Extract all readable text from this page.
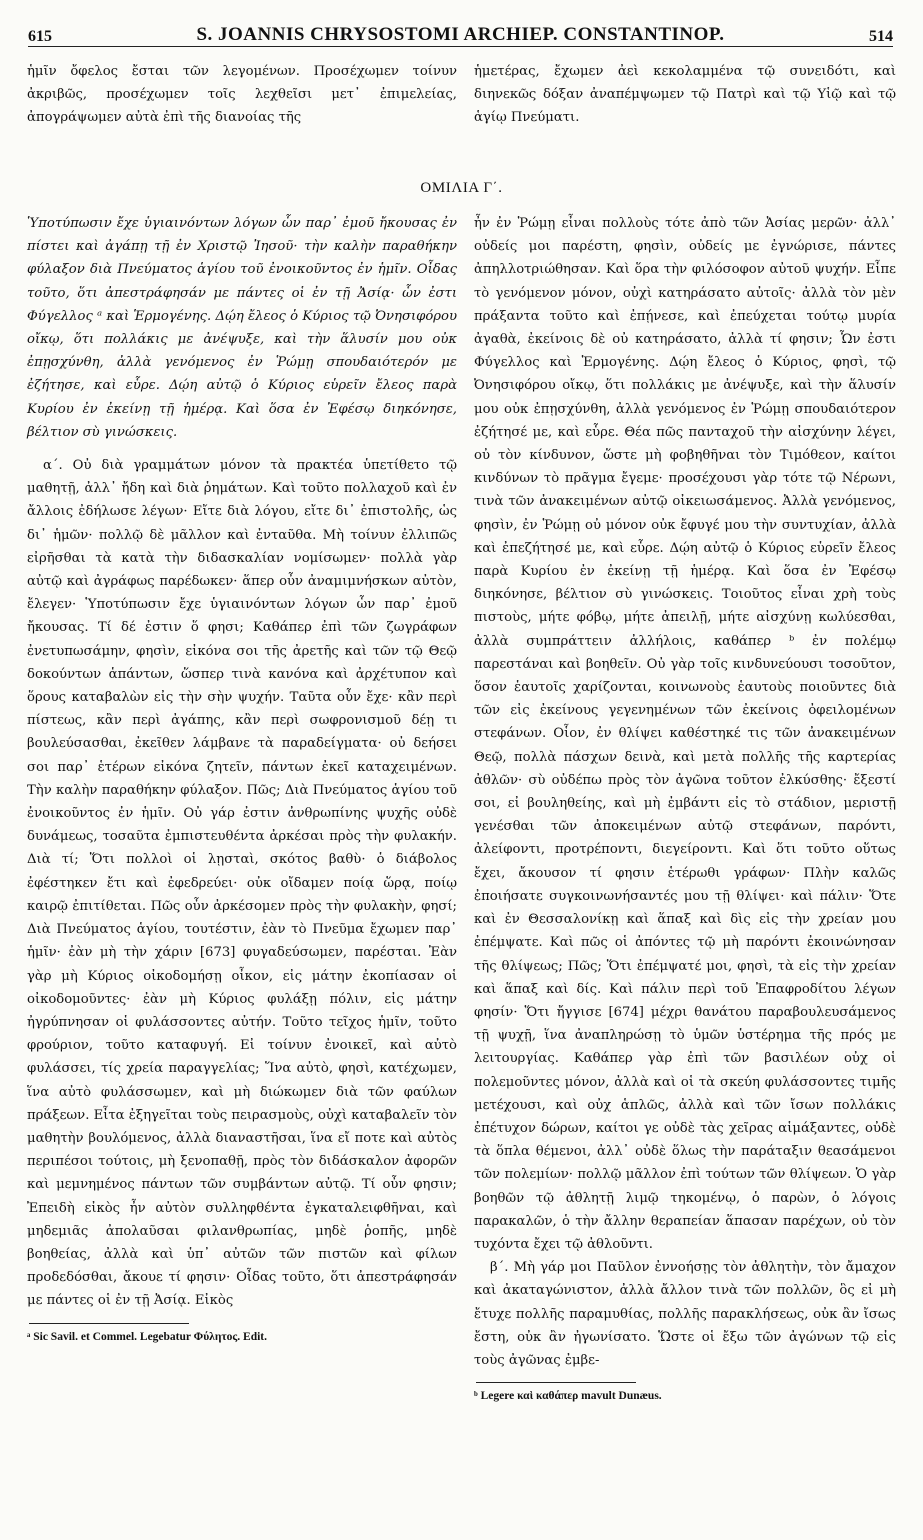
615	S. JOANNIS CHRYSOSTOMI ARCHIEP. CONSTANTINOP.	514

ἡμῖν ὄφελος ἔσται τῶν λεγομένων. Προσέχωμεν τοίνυν ἀκριβῶς, προσέχωμεν τοῖς λεχθεῖσι μετ᾽ ἐπιμελείας, ἀπογράψωμεν αὐτὰ ἐπὶ τῆς διανοίας τῆς

ἡμετέρας, ἔχωμεν ἀεὶ κεκολαμμένα τῷ συνειδότι, καὶ διηνεκῶς δόξαν ἀναπέμψωμεν τῷ Πατρὶ καὶ τῷ Υἱῷ καὶ τῷ ἁγίῳ Πνεύματι.

ΟΜΙΛΙΑ Γ΄.

Ὑποτύπωσιν ἔχε ὑγιαινόντων λόγων ὧν παρ᾽ ἐμοῦ ἤκουσας ἐν πίστει καὶ ἀγάπῃ τῇ ἐν Χριστῷ Ἰησοῦ· τὴν καλὴν παραθήκην φύλαξον διὰ Πνεύματος ἁγίου τοῦ ἐνοικοῦντος ἐν ἡμῖν. Οἶδας τοῦτο, ὅτι ἀπεστράφησάν με πάντες οἱ ἐν τῇ Ἀσίᾳ· ὧν ἐστι Φύγελλος ᵃ καὶ Ἑρμογένης. Δῴη ἔλεος ὁ Κύριος τῷ Ὀνησιφόρου οἴκῳ, ὅτι πολλάκις με ἀνέψυξε, καὶ τὴν ἅλυσίν μου οὐκ ἐπῃσχύνθη, ἀλλὰ γενόμενος ἐν Ῥώμῃ σπουδαιότερόν με ἐζήτησε, καὶ εὗρε. Δῴη αὐτῷ ὁ Κύριος εὑρεῖν ἔλεος παρὰ Κυρίου ἐν ἐκείνῃ τῇ ἡμέρᾳ. Καὶ ὅσα ἐν Ἐφέσῳ διηκόνησε, βέλτιον σὺ γινώσκεις.

α΄. Οὐ διὰ γραμμάτων μόνον τὰ πρακτέα ὑπετίθετο τῷ μαθητῇ, ἀλλ᾽ ἤδη καὶ διὰ ῥημάτων. Καὶ τοῦτο πολλαχοῦ καὶ ἐν ἄλλοις ἐδήλωσε λέγων· Εἴτε διὰ λόγου, εἴτε δι᾽ ἐπιστολῆς, ὡς δι᾽ ἡμῶν· πολλῷ δὲ μᾶλλον καὶ ἐνταῦθα. Μὴ τοίνυν ἐλλιπῶς εἰρῆσθαι τὰ κατὰ τὴν διδασκαλίαν νομίσωμεν· πολλὰ γὰρ αὐτῷ καὶ ἀγράφως παρέδωκεν· ἅπερ οὖν ἀναμιμνήσκων αὐτὸν, ἔλεγεν· Ὑποτύπωσιν ἔχε ὑγιαινόντων λόγων ὧν παρ᾽ ἐμοῦ ἤκουσας. Τί δέ ἐστιν ὅ φησι; Καθάπερ ἐπὶ τῶν ζωγράφων ἐνετυπωσάμην, φησὶν, εἰκόνα σοι τῆς ἀρετῆς καὶ τῶν τῷ Θεῷ δοκούντων ἁπάντων, ὥσπερ τινὰ κανόνα καὶ ἀρχέτυπον καὶ ὅρους καταβαλὼν εἰς τὴν σὴν ψυχήν. Ταῦτα οὖν ἔχε· κἂν περὶ πίστεως, κἂν περὶ ἀγάπης, κἂν περὶ σωφρονισμοῦ δέῃ τι βουλεύσασθαι, ἐκεῖθεν λάμβανε τὰ παραδείγματα· οὐ δεήσει σοι παρ᾽ ἑτέρων εἰκόνα ζητεῖν, πάντων ἐκεῖ καταχειμένων. Τὴν καλὴν παραθήκην φύλαξον. Πῶς; Διὰ Πνεύματος ἁγίου τοῦ ἐνοικοῦντος ἐν ἡμῖν. Οὐ γάρ ἐστιν ἀνθρωπίνης ψυχῆς οὐδὲ δυνάμεως, τοσαῦτα ἐμπιστευθέντα ἀρκέσαι πρὸς τὴν φυλακήν. Διὰ τί; Ὅτι πολλοὶ οἱ λῃσταὶ, σκότος βαθὺ· ὁ διάβολος ἐφέστηκεν ἔτι καὶ ἐφεδρεύει· οὐκ οἴδαμεν ποίᾳ ὥρᾳ, ποίῳ καιρῷ ἐπιτίθεται. Πῶς οὖν ἀρκέσομεν πρὸς τὴν φυλακὴν, φησί; Διὰ Πνεύματος ἁγίου, τουτέστιν, ἐὰν τὸ Πνεῦμα ἔχωμεν παρ᾽ ἡμῖν· ἐὰν μὴ τὴν χάριν [673] φυγαδεύσωμεν, παρέσται. Ἐὰν γὰρ μὴ Κύριος οἰκοδομήσῃ οἶκον, εἰς μάτην ἐκοπίασαν οἱ οἰκοδομοῦντες· ἐὰν μὴ Κύριος φυλάξῃ πόλιν, εἰς μάτην ἠγρύπνησαν οἱ φυλάσσοντες αὐτήν. Τοῦτο τεῖχος ἡμῖν, τοῦτο φρούριον, τοῦτο καταφυγή. Εἰ τοίνυν ἐνοικεῖ, καὶ αὐτὸ φυλάσσει, τίς χρεία παραγγελίας; Ἵνα αὐτὸ, φησὶ, κατέχωμεν, ἵνα αὐτὸ φυλάσσωμεν, καὶ μὴ διώκωμεν διὰ τῶν φαύλων πράξεων. Εἶτα ἐξηγεῖται τοὺς πειρασμοὺς, οὐχὶ καταβαλεῖν τὸν μαθητὴν βουλόμενος, ἀλλὰ διαναστῆσαι, ἵνα εἴ ποτε καὶ αὐτὸς περιπέσοι τούτοις, μὴ ξενοπαθῇ, πρὸς τὸν διδάσκαλον ἀφορῶν καὶ μεμνημένος πάντων τῶν συμβάντων αὐτῷ. Τί οὖν φησιν; Ἐπειδὴ εἰκὸς ἦν αὐτὸν συλληφθέντα ἐγκαταλειφθῆναι, καὶ μηδεμιᾶς ἀπολαῦσαι φιλανθρωπίας, μηδὲ ῥοπῆς, μηδὲ βοηθείας, ἀλλὰ καὶ ὑπ᾽ αὐτῶν τῶν πιστῶν καὶ φίλων προδεδόσθαι, ἄκουε τί φησιν· Οἶδας τοῦτο, ὅτι ἀπεστράφησάν με πάντες οἱ ἐν τῇ Ἀσίᾳ. Εἰκὸς

ᵃ Sic Savil. et Commel. Legebatur Φύλητος. Edit.

ἦν ἐν Ῥώμῃ εἶναι πολλοὺς τότε ἀπὸ τῶν Ἀσίας μερῶν· ἀλλ᾽ οὐδείς μοι παρέστη, φησὶν, οὐδείς με ἐγνώρισε, πάντες ἀπηλλοτριώθησαν. Καὶ ὅρα τὴν φιλόσοφον αὐτοῦ ψυχήν. Εἶπε τὸ γενόμενον μόνον, οὐχὶ κατηράσατο αὐτοῖς· ἀλλὰ τὸν μὲν πράξαντα τοῦτο καὶ ἐπῄνεσε, καὶ ἐπεύχεται τούτῳ μυρία ἀγαθὰ, ἐκείνοις δὲ οὐ κατηράσατο, ἀλλὰ τί φησιν; Ὧν ἐστι Φύγελλος καὶ Ἑρμογένης. Δῴη ἔλεος ὁ Κύριος, φησὶ, τῷ Ὀνησιφόρου οἴκῳ, ὅτι πολλάκις με ἀνέψυξε, καὶ τὴν ἅλυσίν μου οὐκ ἐπῃσχύνθη, ἀλλὰ γενόμενος ἐν Ῥώμῃ σπουδαιότερον ἐζήτησέ με, καὶ εὗρε. Θέα πῶς πανταχοῦ τὴν αἰσχύνην λέγει, οὐ τὸν κίνδυνον, ὥστε μὴ φοβηθῆναι τὸν Τιμόθεον, καίτοι κινδύνων τὸ πρᾶγμα ἔγεμε· προσέχουσι γὰρ τότε τῷ Νέρωνι, τινὰ τῶν ἀνακειμένων αὐτῷ οἰκειωσάμενος. Ἀλλὰ γενόμενος, φησὶν, ἐν Ῥώμῃ οὐ μόνον οὐκ ἔφυγέ μου τὴν συντυχίαν, ἀλλὰ καὶ ἐπεζήτησέ με, καὶ εὗρε. Δῴη αὐτῷ ὁ Κύριος εὑρεῖν ἔλεος παρὰ Κυρίου ἐν ἐκείνῃ τῇ ἡμέρᾳ. Καὶ ὅσα ἐν Ἐφέσῳ διηκόνησε, βέλτιον σὺ γινώσκεις. Τοιοῦτος εἶναι χρὴ τοὺς πιστοὺς, μήτε φόβῳ, μήτε ἀπειλῇ, μήτε αἰσχύνῃ κωλύεσθαι, ἀλλὰ συμπράττειν ἀλλήλοις, καθάπερ ᵇ ἐν πολέμῳ παρεστάναι καὶ βοηθεῖν. Οὐ γὰρ τοῖς κινδυνεύουσι τοσοῦτον, ὅσον ἑαυτοῖς χαρίζονται, κοινωνοὺς ἑαυτοὺς ποιοῦντες διὰ τῶν εἰς ἐκείνους γεγενημένων τῶν ἐκείνοις ὀφειλομένων στεφάνων. Οἷον, ἐν θλίψει καθέστηκέ τις τῶν ἀνακειμένων Θεῷ, πολλὰ πάσχων δεινὰ, καὶ μετὰ πολλῆς τῆς καρτερίας ἀθλῶν· σὺ οὐδέπω πρὸς τὸν ἀγῶνα τοῦτον ἐλκύσθης· ἔξεστί σοι, εἰ βουληθείης, καὶ μὴ ἐμβάντι εἰς τὸ στάδιον, μεριστῇ γενέσθαι τῶν ἀποκειμένων αὐτῷ στεφάνων, παρόντι, ἀλείφοντι, προτρέποντι, διεγείροντι. Καὶ ὅτι τοῦτο οὕτως ἔχει, ἄκουσον τί φησιν ἑτέρωθι γράφων· Πλὴν καλῶς ἐποιήσατε συγκοινωνήσαντές μου τῇ θλίψει· καὶ πάλιν· Ὅτε καὶ ἐν Θεσσαλονίκῃ καὶ ἅπαξ καὶ δὶς εἰς τὴν χρείαν μου ἐπέμψατε. Καὶ πῶς οἱ ἀπόντες τῷ μὴ παρόντι ἐκοινώνησαν τῆς θλίψεως; Πῶς; Ὅτι ἐπέμψατέ μοι, φησὶ, τὰ εἰς τὴν χρείαν καὶ ἅπαξ καὶ δίς. Καὶ πάλιν περὶ τοῦ Ἐπαφροδίτου λέγων φησίν· Ὅτι ἤγγισε [674] μέχρι θανάτου παραβουλευσάμενος τῇ ψυχῇ, ἵνα ἀναπληρώσῃ τὸ ὑμῶν ὑστέρημα τῆς πρός με λειτουργίας. Καθάπερ γὰρ ἐπὶ τῶν βασιλέων οὐχ οἱ πολεμοῦντες μόνον, ἀλλὰ καὶ οἱ τὰ σκεύη φυλάσσοντες τιμῆς μετέχουσι, καὶ οὐχ ἁπλῶς, ἀλλὰ καὶ τῶν ἴσων πολλάκις ἐπέτυχον δώρων, καίτοι γε οὐδὲ τὰς χεῖρας αἱμάξαντες, οὐδὲ τὰ ὅπλα θέμενοι, ἀλλ᾽ οὐδὲ ὅλως τὴν παράταξιν θεασάμενοι τῶν πολεμίων· πολλῷ μᾶλλον ἐπὶ τούτων τῶν θλίψεων. Ὁ γὰρ βοηθῶν τῷ ἀθλητῇ λιμῷ τηκομένῳ, ὁ παρὼν, ὁ λόγοις παρακαλῶν, ὁ τὴν ἄλλην θεραπείαν ἅπασαν παρέχων, οὐ τὸν τυχόντα ἔχει τῷ ἀθλοῦντι.

β΄. Μὴ γάρ μοι Παῦλον ἐννοήσῃς τὸν ἀθλητὴν, τὸν ἄμαχον καὶ ἀκαταγώνιστον, ἀλλὰ ἄλλον τινὰ τῶν πολλῶν, ὃς εἰ μὴ ἔτυχε πολλῆς παραμυθίας, πολλῆς παρακλήσεως, οὐκ ἂν ἴσως ἔστη, οὐκ ἂν ἠγωνίσατο. Ὥστε οἱ ἔξω τῶν ἀγώνων τῷ εἰς τοὺς ἀγῶνας ἐμβε-

ᵇ Legere καὶ καθάπερ mavult Dunæus.
